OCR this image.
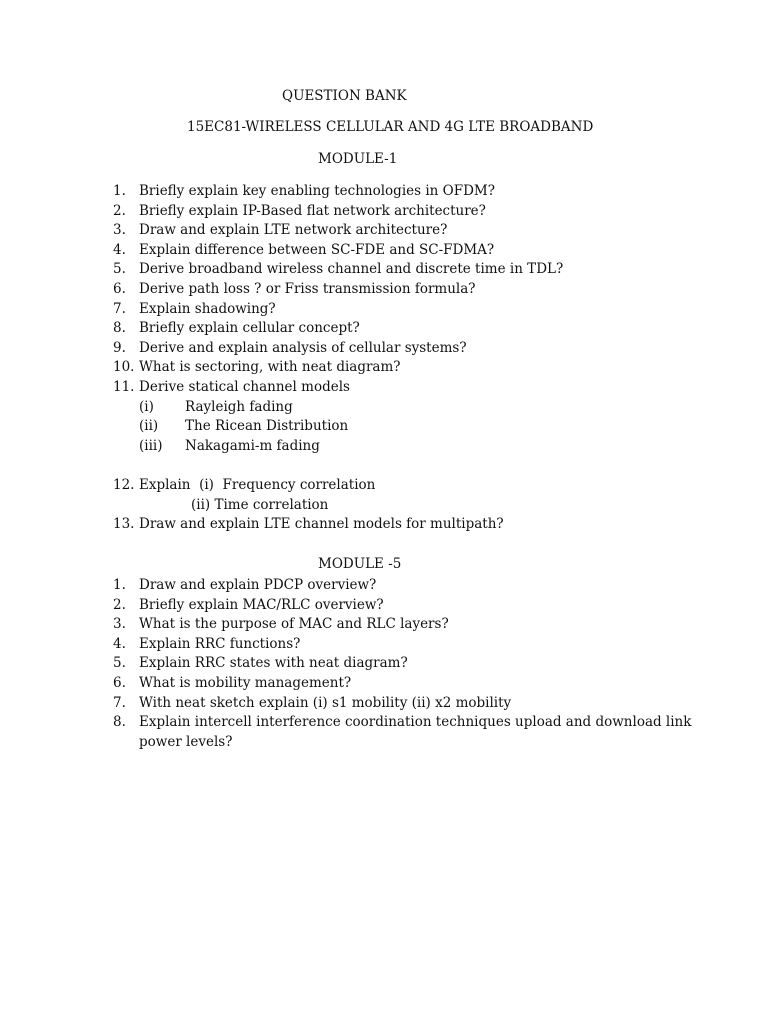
QUESTION BANK
15EC81-WIRELESS CELLULAR AND 4G LTE BROADBAND
MODULE-1
1. Briefly explain key enabling technologies in OFDM?
2. Briefly explain IP-Based flat network architecture?
3. Draw and explain LTE network architecture?
4. Explain difference between SC-FDE and SC-FDMA?
5. Derive broadband wireless channel and discrete time in TDL?
6. Derive path loss ? or Friss transmission formula?
7. Explain shadowing?
8. Briefly explain cellular concept?
9. Derive and explain analysis of cellular systems?
10. What is sectoring, with neat diagram?
11. Derive statical channel models
(i) Rayleigh fading
(ii) The Ricean Distribution
(iii) Nakagami-m fading
12. Explain  (i)  Frequency correlation
(ii) Time correlation
13. Draw and explain LTE channel models for multipath?
MODULE -5
1. Draw and explain PDCP overview?
2. Briefly explain MAC/RLC overview?
3. What is the purpose of MAC and RLC layers?
4. Explain RRC functions?
5. Explain RRC states with neat diagram?
6. What is mobility management?
7. With neat sketch explain (i) s1 mobility (ii) x2 mobility
8. Explain intercell interference coordination techniques upload and download link power levels?
